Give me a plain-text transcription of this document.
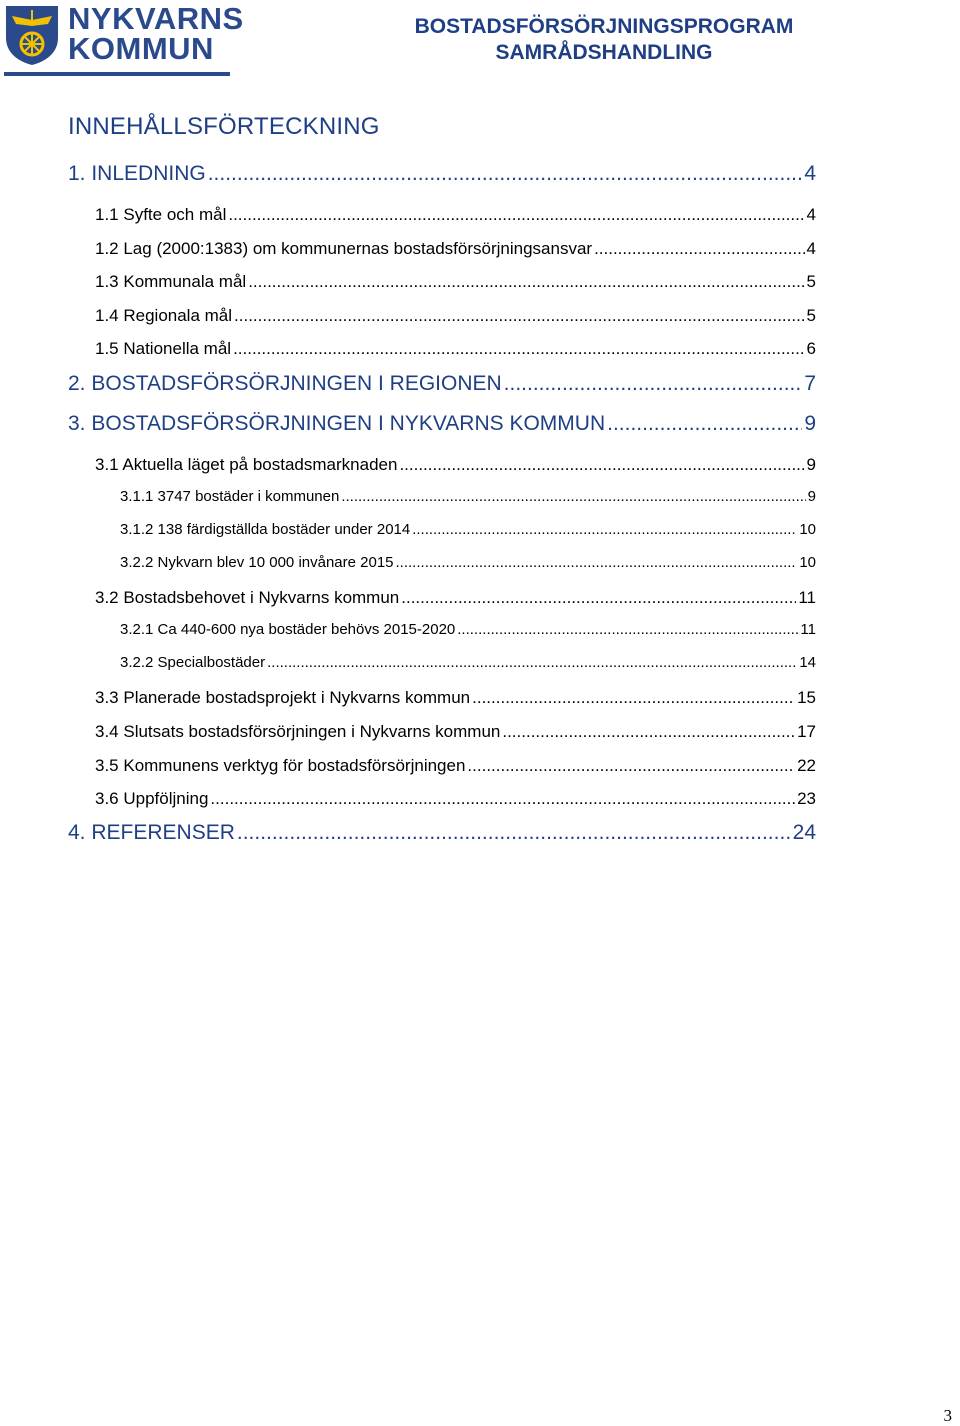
NYKVARNS
KOMMUN
BOSTADSFÖRSÖRJNINGSPROGRAM
SAMRÅDSHANDLING
INNEHÅLLSFÖRTECKNING
1. INLEDNING .....	4
1.1 Syfte och mål .....	4
1.2 Lag (2000:1383) om kommunernas bostadsförsörjningsansvar .....	4
1.3 Kommunala mål .....	5
1.4 Regionala mål .....	5
1.5 Nationella mål .....	6
2. BOSTADSFÖRSÖRJNINGEN I REGIONEN .....	7
3. BOSTADSFÖRSÖRJNINGEN I NYKVARNS KOMMUN .....	9
3.1 Aktuella läget på bostadsmarknaden .....	9
3.1.1 3747 bostäder i kommunen .....	9
3.1.2 138 färdigställda bostäder under 2014 .....	10
3.2.2 Nykvarn blev 10 000 invånare 2015 .....	10
3.2 Bostadsbehovet i Nykvarns kommun .....	11
3.2.1 Ca 440-600 nya bostäder behövs 2015-2020 .....	11
3.2.2 Specialbostäder .....	14
3.3 Planerade bostadsprojekt i Nykvarns kommun .....	15
3.4 Slutsats bostadsförsörjningen i Nykvarns kommun .....	17
3.5 Kommunens verktyg för bostadsförsörjningen .....	22
3.6 Uppföljning .....	23
4. REFERENSER .....	24
3
